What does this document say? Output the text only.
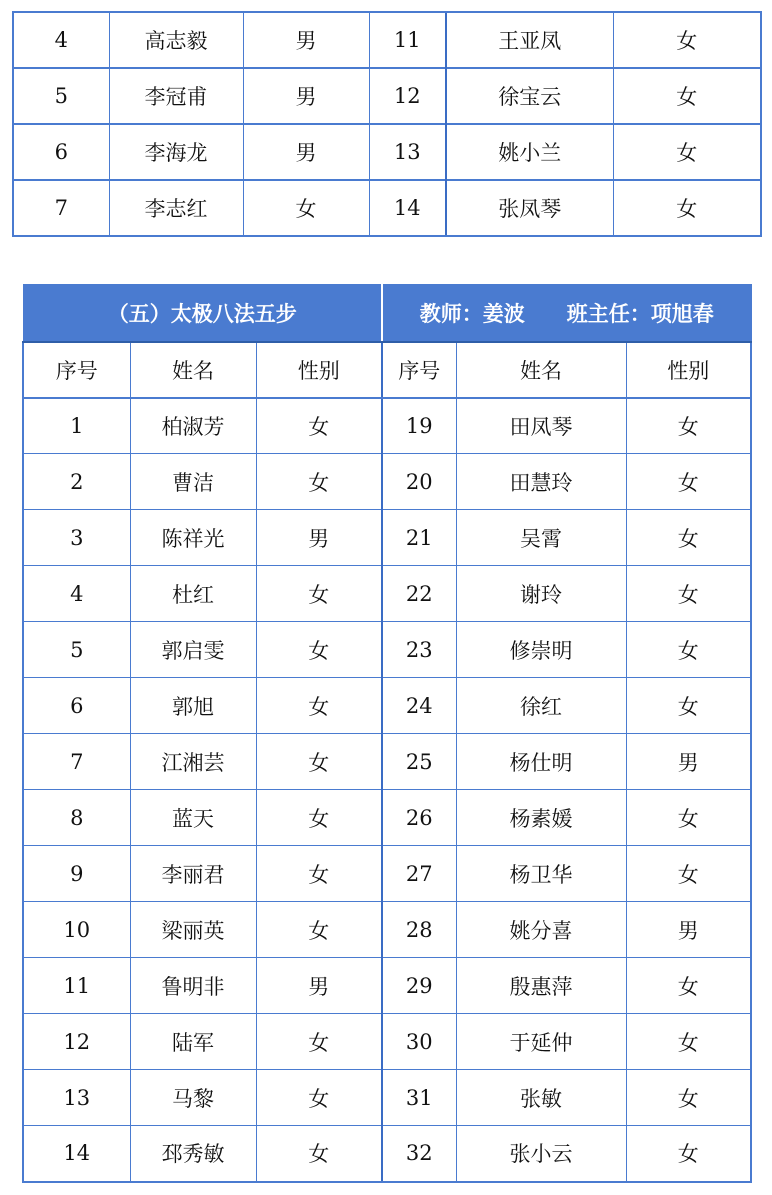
4	高志毅	男	11	王亚凤	女
5	李冠甫	男	12	徐宝云	女
6	李海龙	男	13	姚小兰	女
7	李志红	女	14	张凤琴	女
（五）太极八法五步			教师：姜波　　班主任：项旭春		
序号	姓名	性别	序号	姓名	性别
1	柏淑芳	女	19	田凤琴	女
2	曹洁	女	20	田慧玲	女
3	陈祥光	男	21	吴霄	女
4	杜红	女	22	谢玲	女
5	郭启雯	女	23	修崇明	女
6	郭旭	女	24	徐红	女
7	江湘芸	女	25	杨仕明	男
8	蓝天	女	26	杨素媛	女
9	李丽君	女	27	杨卫华	女
10	梁丽英	女	28	姚分喜	男
11	鲁明非	男	29	殷惠萍	女
12	陆军	女	30	于延仲	女
13	马黎	女	31	张敏	女
14	邳秀敏	女	32	张小云	女
